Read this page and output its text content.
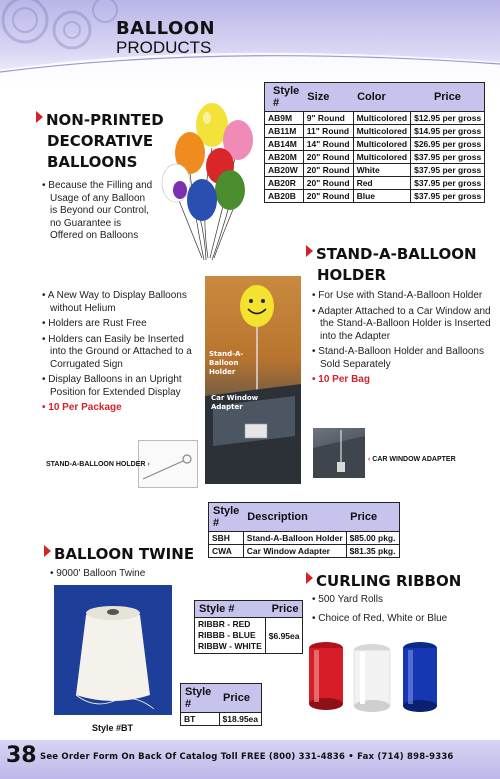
BALLOON
PRODUCTS
Style #	Size	Color	Price
AB9M	9" Round	Multicolored	$12.95 per gross
AB11M	11" Round	Multicolored	$14.95 per gross
AB14M	14" Round	Multicolored	$26.95 per gross
AB20M	20" Round	Multicolored	$37.95 per gross
AB20W	20" Round	White	$37.95 per gross
AB20R	20" Round	Red	$37.95 per gross
AB20B	20" Round	Blue	$37.95 per gross
NON-PRINTED
DECORATIVE
BALLOONS
• Because the Filling and Usage of any Balloon is Beyond our Control, no Guarantee is Offered on Balloons
STAND-A-BALLOON
HOLDER
• A New Way to Display Balloons without Helium
• Holders are Rust Free
• Holders can Easily be Inserted into the Ground or Attached to a Corrugated Sign
• Display Balloons in an Upright Position for Extended Display
• 10 Per Package
Stand-A-Balloon Holder
Car Window Adapter
• For Use with Stand-A-Balloon Holder
• Adapter Attached to a Car Window and the Stand-A-Balloon Holder is Inserted into the Adapter
• Stand-A-Balloon Holder and Balloons Sold Separately
• 10 Per Bag
STAND-A-BALLOON HOLDER ›
‹ CAR WINDOW ADAPTER
Style #	Description	Price
SBH	Stand-A-Balloon Holder	$85.00 pkg.
CWA	Car Window Adapter	$81.35 pkg.
BALLOON TWINE
• 9000' Balloon Twine
Style #BT
Style #	Price
BT	$18.95ea
Style #	Price

RIBBR - RED
RIBBB - BLUE
RIBBW - WHITE	$6.95ea
CURLING RIBBON
• 500 Yard Rolls
• Choice of Red, White or Blue
38 See Order Form On Back Of Catalog Toll FREE (800) 331-4836 • Fax (714) 898-9336
